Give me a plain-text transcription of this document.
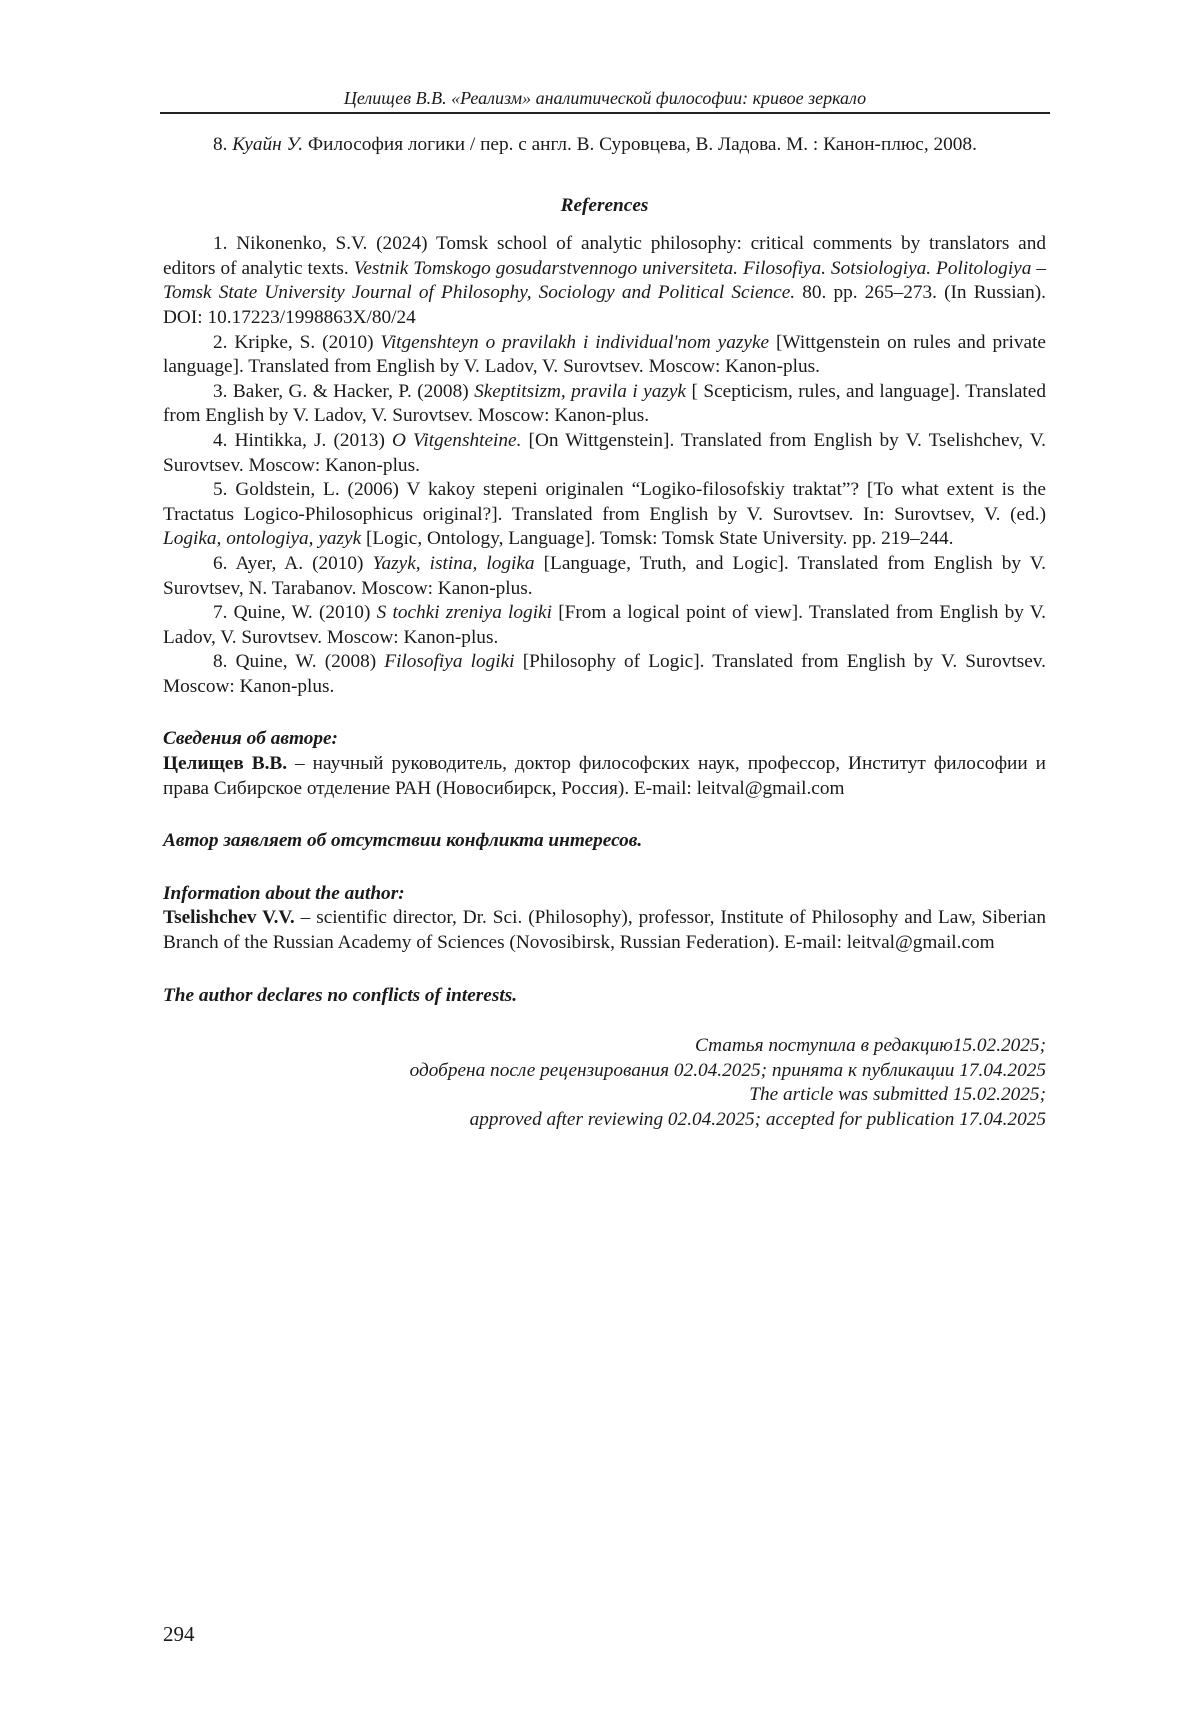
Целищев В.В. «Реализм» аналитической философии: кривое зеркало

8. Куайн У. Философия логики / пер. с англ. В. Суровцева, В. Ладова. М. : Канон-плюс, 2008.

References

1. Nikonenko, S.V. (2024) Tomsk school of analytic philosophy: critical comments by translators and editors of analytic texts. Vestnik Tomskogo gosudarstvennogo universiteta. Filosofiya. Sotsiologiya. Politologiya – Tomsk State University Journal of Philosophy, Sociology and Political Science. 80. pp. 265–273. (In Russian). DOI: 10.17223/1998863X/80/24

2. Kripke, S. (2010) Vitgenshteyn o pravilakh i individual'nom yazyke [Wittgenstein on rules and private language]. Translated from English by V. Ladov, V. Surovtsev. Moscow: Kanon-plus.

3. Baker, G. & Hacker, P. (2008) Skeptitsizm, pravila i yazyk [ Scepticism, rules, and language]. Translated from English by V. Ladov, V. Surovtsev. Moscow: Kanon-plus.

4. Hintikka, J. (2013) O Vitgenshteine. [On Wittgenstein]. Translated from English by V. Tselishchev, V. Surovtsev. Moscow: Kanon-plus.

5. Goldstein, L. (2006) V kakoy stepeni originalen “Logiko-filosofskiy traktat”? [To what extent is the Tractatus Logico-Philosophicus original?]. Translated from English by V. Surovtsev. In: Surovtsev, V. (ed.) Logika, ontologiya, yazyk [Logic, Ontology, Language]. Tomsk: Tomsk State University. pp. 219–244.

6. Ayer, A. (2010) Yazyk, istina, logika [Language, Truth, and Logic]. Translated from English by V. Surovtsev, N. Tarabanov. Moscow: Kanon-plus.

7. Quine, W. (2010) S tochki zreniya logiki [From a logical point of view]. Translated from English by V. Ladov, V. Surovtsev. Moscow: Kanon-plus.

8. Quine, W. (2008) Filosofiya logiki [Philosophy of Logic]. Translated from English by V. Surovtsev. Moscow: Kanon-plus.

Сведения об авторе:

Целищев В.В. – научный руководитель, доктор философских наук, профессор, Институт философии и права Сибирское отделение РАН (Новосибирск, Россия). E-mail: leitval@gmail.com

Автор заявляет об отсутствии конфликта интересов.
Information about the author:

Tselishchev V.V. – scientific director, Dr. Sci. (Philosophy), professor, Institute of Philosophy and Law, Siberian Branch of the Russian Academy of Sciences (Novosibirsk, Russian Federation). E-mail: leitval@gmail.com

The author declares no conflicts of interests.
Статья поступила в редакцию15.02.2025;
одобрена после рецензирования 02.04.2025; принята к публикации 17.04.2025
The article was submitted 15.02.2025;
approved after reviewing 02.04.2025; accepted for publication 17.04.2025
294
